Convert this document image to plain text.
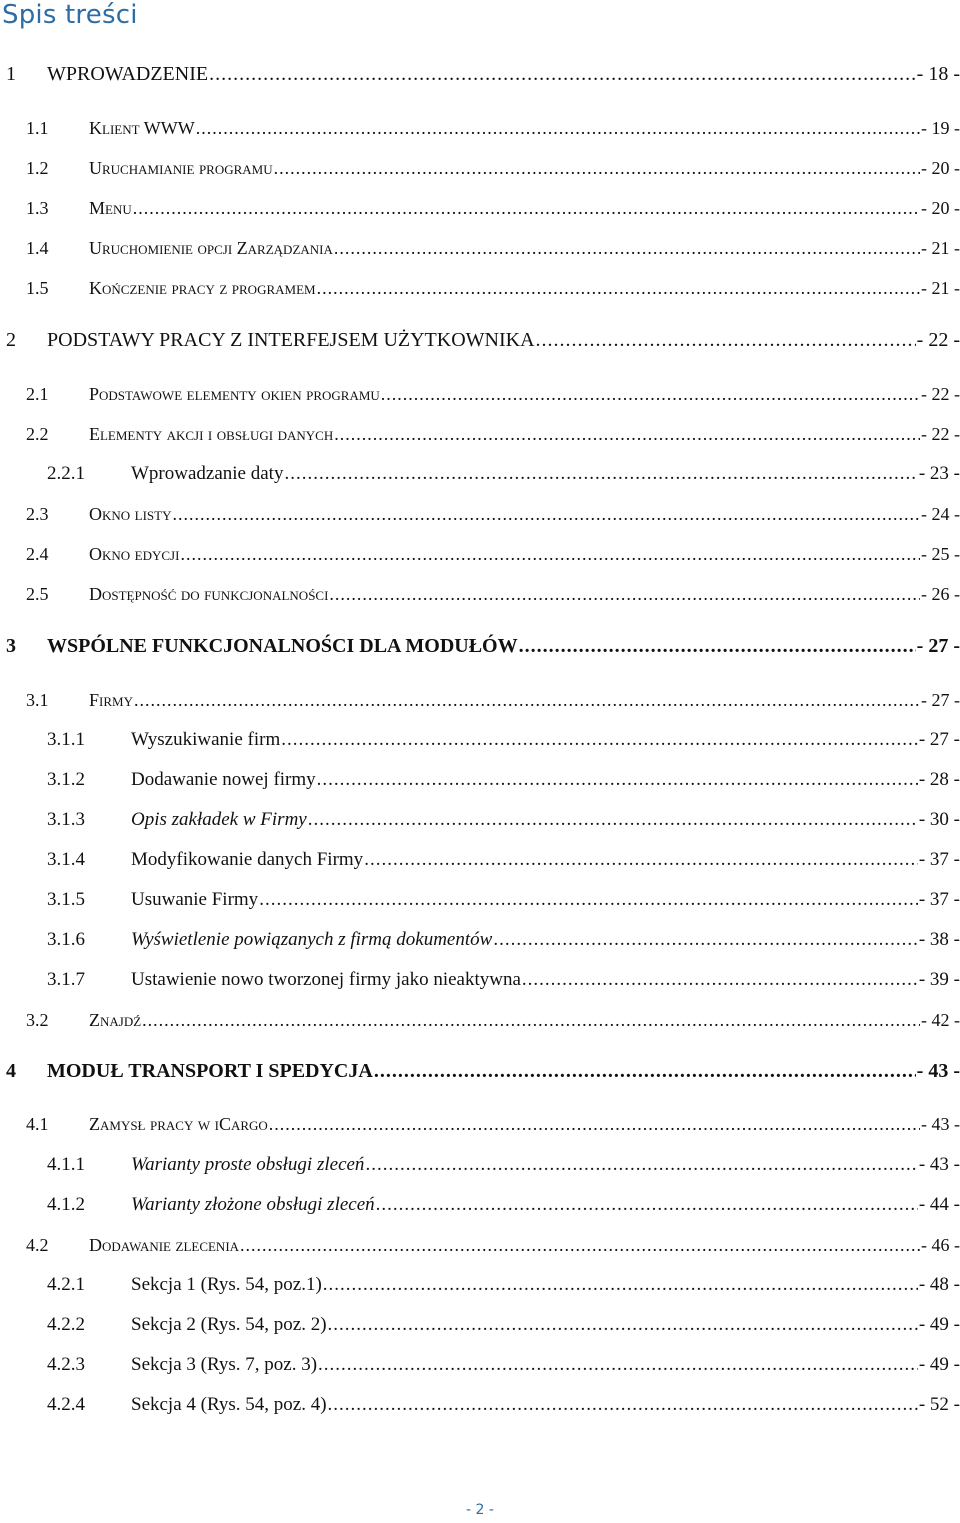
Spis treści
1 WPROWADZENIE .....	- 18 -
1.1 Klient WWW .....	- 19 -
1.2 Uruchamianie programu .....	- 20 -
1.3 Menu .....	- 20 -
1.4 Uruchomienie opcji Zarządzania .....	- 21 -
1.5 Kończenie pracy z programem .....	- 21 -
2 PODSTAWY PRACY Z INTERFEJSEM UŻYTKOWNIKA .....	- 22 -
2.1 Podstawowe elementy okien programu .....	- 22 -
2.2 Elementy akcji i obsługi danych .....	- 22 -
2.2.1 Wprowadzanie daty .....	- 23 -
2.3 Okno listy .....	- 24 -
2.4 Okno edycji .....	- 25 -
2.5 Dostępność do funkcjonalności .....	- 26 -
3 WSPÓLNE FUNKCJONALNOŚCI DLA MODUŁÓW .....	- 27 -
3.1 Firmy .....	- 27 -
3.1.1 Wyszukiwanie firm .....	- 27 -
3.1.2 Dodawanie nowej firmy .....	- 28 -
3.1.3 Opis zakładek w Firmy .....	- 30 -
3.1.4 Modyfikowanie danych Firmy .....	- 37 -
3.1.5 Usuwanie Firmy .....	- 37 -
3.1.6 Wyświetlenie powiązanych z firmą dokumentów .....	- 38 -
3.1.7 Ustawienie nowo tworzonej firmy jako nieaktywna .....	- 39 -
3.2 Znajdź .....	- 42 -
4 MODUŁ TRANSPORT I SPEDYCJA .....	- 43 -
4.1 Zamysł pracy w iCargo .....	- 43 -
4.1.1 Warianty proste obsługi zleceń .....	- 43 -
4.1.2 Warianty złożone obsługi zleceń .....	- 44 -
4.2 Dodawanie zlecenia .....	- 46 -
4.2.1 Sekcja 1 (Rys. 54, poz.1) .....	- 48 -
4.2.2 Sekcja 2 (Rys. 54, poz. 2) .....	- 49 -
4.2.3 Sekcja 3 (Rys. 7, poz. 3) .....	- 49 -
4.2.4 Sekcja 4 (Rys. 54, poz. 4) .....	- 52 -
- 2 -
